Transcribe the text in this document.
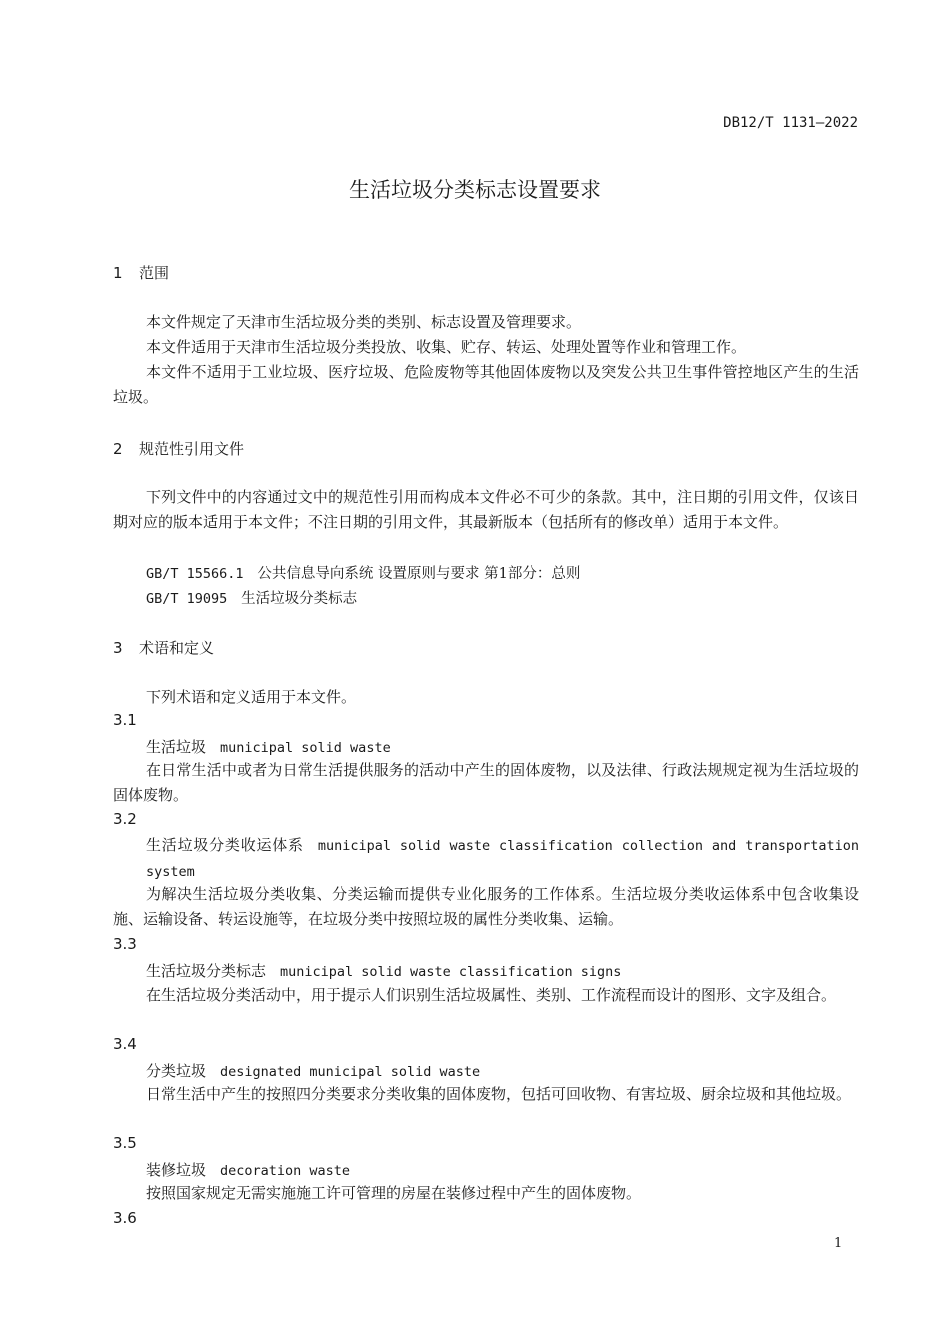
DB12/T 1131—2022
生活垃圾分类标志设置要求
1 范围

本文件规定了天津市生活垃圾分类的类别、标志设置及管理要求。

本文件适用于天津市生活垃圾分类投放、收集、贮存、转运、处理处置等作业和管理工作。

本文件不适用于工业垃圾、医疗垃圾、危险废物等其他固体废物以及突发公共卫生事件管控地区产生的生活垃圾。

2 规范性引用文件

下列文件中的内容通过文中的规范性引用而构成本文件必不可少的条款。其中，注日期的引用文件，仅该日期对应的版本适用于本文件；不注日期的引用文件，其最新版本（包括所有的修改单）适用于本文件。

GB/T 15566.1 公共信息导向系统 设置原则与要求 第1部分：总则
GB/T 19095 生活垃圾分类标志
3 术语和定义
下列术语和定义适用于本文件。
3.1
生活垃圾 municipal solid waste

在日常生活中或者为日常生活提供服务的活动中产生的固体废物，以及法律、行政法规规定视为生活垃圾的固体废物。

3.2
生活垃圾分类收运体系 municipal solid waste classification collection and transportation system

为解决生活垃圾分类收集、分类运输而提供专业化服务的工作体系。生活垃圾分类收运体系中包含收集设施、运输设备、转运设施等，在垃圾分类中按照垃圾的属性分类收集、运输。

3.3
生活垃圾分类标志 municipal solid waste classification signs

在生活垃圾分类活动中，用于提示人们识别生活垃圾属性、类别、工作流程而设计的图形、文字及组合。

3.4
分类垃圾 designated municipal solid waste

日常生活中产生的按照四分类要求分类收集的固体废物，包括可回收物、有害垃圾、厨余垃圾和其他垃圾。

3.5
装修垃圾 decoration waste

按照国家规定无需实施施工许可管理的房屋在装修过程中产生的固体废物。

3.6
1
